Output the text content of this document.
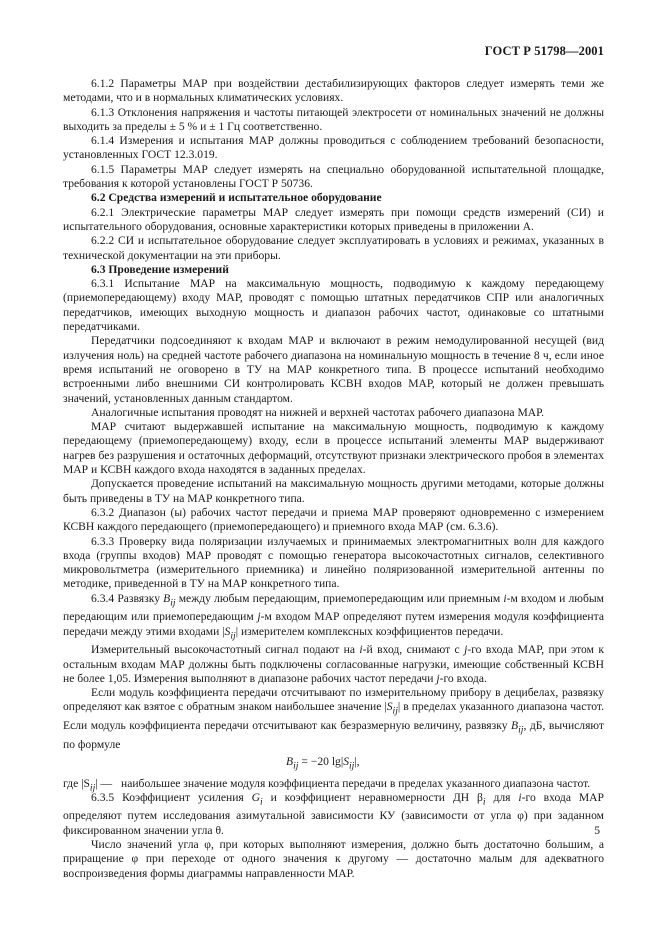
ГОСТ Р 51798—2001

6.1.2 Параметры МАР при воздействии дестабилизирующих факторов следует измерять теми же методами, что и в нормальных климатических условиях.

6.1.3 Отклонения напряжения и частоты питающей электросети от номинальных значений не должны выходить за пределы ± 5 % и ± 1 Гц соответственно.

6.1.4 Измерения и испытания МАР должны проводиться с соблюдением требований безопасности, установленных ГОСТ 12.3.019.

6.1.5 Параметры МАР следует измерять на специально оборудованной испытательной площадке, требования к которой установлены ГОСТ Р 50736.

6.2 Средства измерений и испытательное оборудование

6.2.1 Электрические параметры МАР следует измерять при помощи средств измерений (СИ) и испытательного оборудования, основные характеристики которых приведены в приложении А.

6.2.2 СИ и испытательное оборудование следует эксплуатировать в условиях и режимах, указанных в технической документации на эти приборы.

6.3 Проведение измерений

6.3.1 Испытание МАР на максимальную мощность, подводимую к каждому передающему (приемопередающему) входу МАР, проводят с помощью штатных передатчиков СПР или аналогичных передатчиков, имеющих выходную мощность и диапазон рабочих частот, одинаковые со штатными передатчиками.

Передатчики подсоединяют к входам МАР и включают в режим немодулированной несущей (вид излучения ноль) на средней частоте рабочего диапазона на номинальную мощность в течение 8 ч, если иное время испытаний не оговорено в ТУ на МАР конкретного типа. В процессе испытаний необходимо встроенными либо внешними СИ контролировать КСВН входов МАР, который не должен превышать значений, установленных данным стандартом.

Аналогичные испытания проводят на нижней и верхней частотах рабочего диапазона МАР.

МАР считают выдержавшей испытание на максимальную мощность, подводимую к каждому передающему (приемопередающему) входу, если в процессе испытаний элементы МАР выдерживают нагрев без разрушения и остаточных деформаций, отсутствуют признаки электрического пробоя в элементах МАР и КСВН каждого входа находятся в заданных пределах.

Допускается проведение испытаний на максимальную мощность другими методами, которые должны быть приведены в ТУ на МАР конкретного типа.

6.3.2 Диапазон (ы) рабочих частот передачи и приема МАР проверяют одновременно с измерением КСВН каждого передающего (приемопередающего) и приемного входа МАР (см. 6.3.6).

6.3.3 Проверку вида поляризации излучаемых и принимаемых электромагнитных волн для каждого входа (группы входов) МАР проводят с помощью генератора высокочастотных сигналов, селективного микровольтметра (измерительного приемника) и линейно поляризованной измерительной антенны по методике, приведенной в ТУ на МАР конкретного типа.

6.3.4 Развязку $B_{ij}$ между любым передающим, приемопередающим или приемным i-м входом и любым передающим или приемопередающим j-м входом МАР определяют путем измерения модуля коэффициента передачи между этими входами $|S_{ij}|$ измерителем комплексных коэффициентов передачи.

Измерительный высокочастотный сигнал подают на i-й вход, снимают с j-го входа МАР, при этом к остальным входам МАР должны быть подключены согласованные нагрузки, имеющие собственный КСВН не более 1,05. Измерения выполняют в диапазоне рабочих частот передачи j-го входа.

Если модуль коэффициента передачи отсчитывают по измерительному прибору в децибелах, развязку определяют как взятое с обратным знаком наибольшее значение $|S_{ij}|$ в пределах указанного диапазона частот. Если модуль коэффициента передачи отсчитывают как безразмерную величину, развязку $B_{ij}$, дБ, вычисляют по формуле

$B_{ij} = -20$ $\lg|S_{ij}|$,

где $|S_{ij}|$ — наибольшее значение модуля коэффициента передачи в пределах указанного диапазона частот.

6.3.5 Коэффициент усиления $G_i$ и коэффициент неравномерности ДН $\beta_i$ для i-го входа МАР определяют путем исследования азимутальной зависимости КУ (зависимости от угла φ) при заданном фиксированном значении угла θ.

Число значений угла φ, при которых выполняют измерения, должно быть достаточно большим, а приращение φ при переходе от одного значения к другому — достаточно малым для адекватного воспроизведения формы диаграммы направленности МАР.

5
